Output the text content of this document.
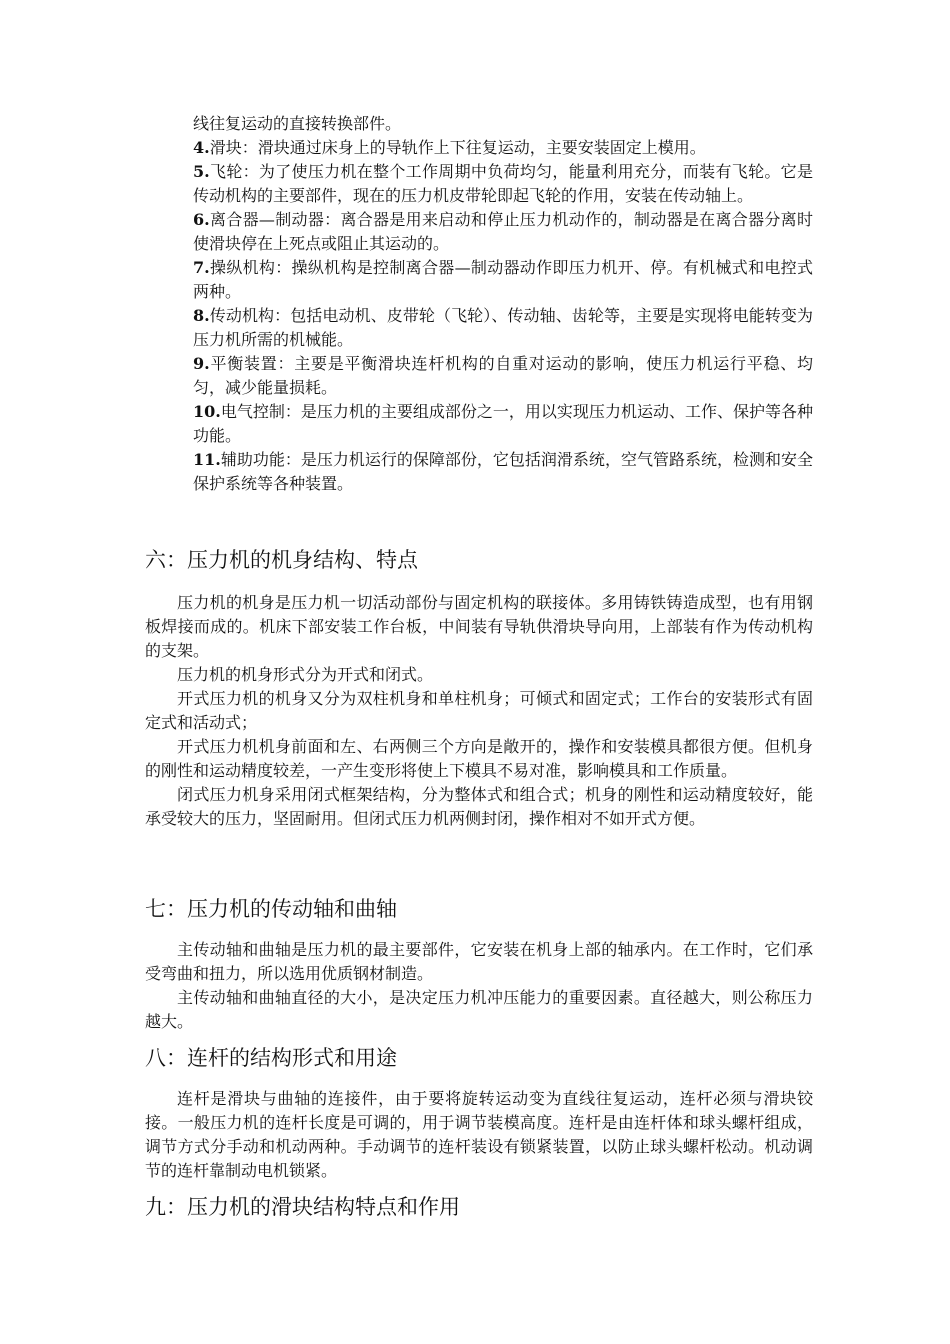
线往复运动的直接转换部件。

4.滑块：滑块通过床身上的导轨作上下往复运动，主要安装固定上模用。

5.飞轮：为了使压力机在整个工作周期中负荷均匀，能量利用充分，而装有飞轮。它是传动机构的主要部件，现在的压力机皮带轮即起飞轮的作用，安装在传动轴上。

6.离合器—制动器：离合器是用来启动和停止压力机动作的，制动器是在离合器分离时使滑块停在上死点或阻止其运动的。

7.操纵机构：操纵机构是控制离合器—制动器动作即压力机开、停。有机械式和电控式两种。

8.传动机构：包括电动机、皮带轮（飞轮）、传动轴、齿轮等，主要是实现将电能转变为压力机所需的机械能。

9.平衡装置：主要是平衡滑块连杆机构的自重对运动的影响，使压力机运行平稳、均匀，减少能量损耗。

10.电气控制：是压力机的主要组成部份之一，用以实现压力机运动、工作、保护等各种功能。

11.辅助功能：是压力机运行的保障部份，它包括润滑系统，空气管路系统，检测和安全保护系统等各种装置。

六：压力机的机身结构、特点

压力机的机身是压力机一切活动部份与固定机构的联接体。多用铸铁铸造成型，也有用钢板焊接而成的。机床下部安装工作台板，中间装有导轨供滑块导向用，上部装有作为传动机构的支架。

压力机的机身形式分为开式和闭式。

开式压力机的机身又分为双柱机身和单柱机身；可倾式和固定式；工作台的安装形式有固定式和活动式；

开式压力机机身前面和左、右两侧三个方向是敞开的，操作和安装模具都很方便。但机身的刚性和运动精度较差，一产生变形将使上下模具不易对准，影响模具和工作质量。

闭式压力机身采用闭式框架结构，分为整体式和组合式；机身的刚性和运动精度较好，能承受较大的压力，坚固耐用。但闭式压力机两侧封闭，操作相对不如开式方便。

七：压力机的传动轴和曲轴

主传动轴和曲轴是压力机的最主要部件，它安装在机身上部的轴承内。在工作时，它们承受弯曲和扭力，所以选用优质钢材制造。

主传动轴和曲轴直径的大小，是决定压力机冲压能力的重要因素。直径越大，则公称压力越大。

八：连杆的结构形式和用途

连杆是滑块与曲轴的连接件，由于要将旋转运动变为直线往复运动，连杆必须与滑块铰接。一般压力机的连杆长度是可调的，用于调节装模高度。连杆是由连杆体和球头螺杆组成，调节方式分手动和机动两种。手动调节的连杆装设有锁紧装置，以防止球头螺杆松动。机动调节的连杆靠制动电机锁紧。

九：压力机的滑块结构特点和作用
